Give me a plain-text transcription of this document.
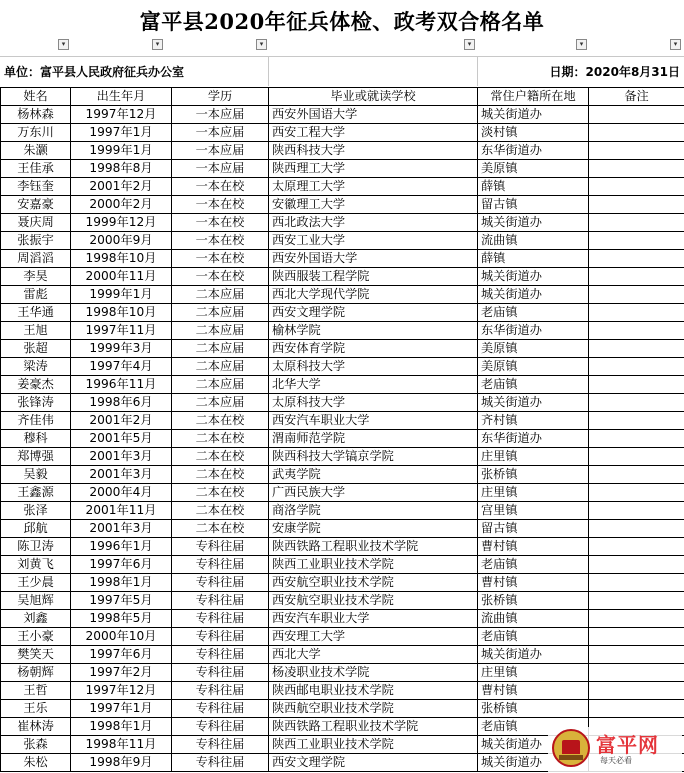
富平县2020年征兵体检、政考双合格名单
▾	▾	▾	▾	▾	▾
单位：富平县人民政府征兵办公室	日期：2020年8月31日
姓名	出生年月	学历	毕业或就读学校	常住户籍所在地	备注
杨林森	1997年12月	一本应届	西安外国语大学	城关街道办	
万东川	1997年1月	一本应届	西安工程大学	淡村镇	
朱灏	1999年1月	一本应届	陕西科技大学	东华街道办	
王佳承	1998年8月	一本应届	陕西理工大学	美原镇	
李钰奎	2001年2月	一本在校	太原理工大学	薛镇	
安嘉豪	2000年2月	一本在校	安徽理工大学	留古镇	
聂庆周	1999年12月	一本在校	西北政法大学	城关街道办	
张振宇	2000年9月	一本在校	西安工业大学	流曲镇	
周滔滔	1998年10月	一本在校	西安外国语大学	薛镇	
李昊	2000年11月	一本在校	陕西服装工程学院	城关街道办	
雷彪	1999年1月	二本应届	西北大学现代学院	城关街道办	
王华通	1998年10月	二本应届	西安文理学院	老庙镇	
王旭	1997年11月	二本应届	榆林学院	东华街道办	
张超	1999年3月	二本应届	西安体育学院	美原镇	
梁涛	1997年4月	二本应届	太原科技大学	美原镇	
姜豪杰	1996年11月	二本应届	北华大学	老庙镇	
张锋涛	1998年6月	二本应届	太原科技大学	城关街道办	
齐佳伟	2001年2月	二本在校	西安汽车职业大学	齐村镇	
穆科	2001年5月	二本在校	渭南师范学院	东华街道办	
郑博强	2001年3月	二本在校	陕西科技大学镐京学院	庄里镇	
吴毅	2001年3月	二本在校	武夷学院	张桥镇	
王鑫源	2000年4月	二本在校	广西民族大学	庄里镇	
张泽	2001年11月	二本在校	商洛学院	宫里镇	
邱航	2001年3月	二本在校	安康学院	留古镇	
陈卫涛	1996年1月	专科往届	陕西铁路工程职业技术学院	曹村镇	
刘黄飞	1997年6月	专科往届	陕西工业职业技术学院	老庙镇	
王少晨	1998年1月	专科往届	西安航空职业技术学院	曹村镇	
吴旭辉	1997年5月	专科往届	西安航空职业技术学院	张桥镇	
刘鑫	1998年5月	专科往届	西安汽车职业大学	流曲镇	
王小豪	2000年10月	专科往届	西安理工大学	老庙镇	
樊笑天	1997年6月	专科往届	西北大学	城关街道办	
杨朝辉	1997年2月	专科往届	杨凌职业技术学院	庄里镇	
王哲	1997年12月	专科往届	陕西邮电职业技术学院	曹村镇	
王乐	1997年1月	专科往届	陕西航空职业技术学院	张桥镇	
崔林涛	1998年1月	专科往届	陕西铁路工程职业技术学院	老庙镇	
张森	1998年11月	专科往届	陕西工业职业技术学院	城关街道办	
朱松	1998年9月	专科往届	西安文理学院	城关街道办	
富平网
每天必看
